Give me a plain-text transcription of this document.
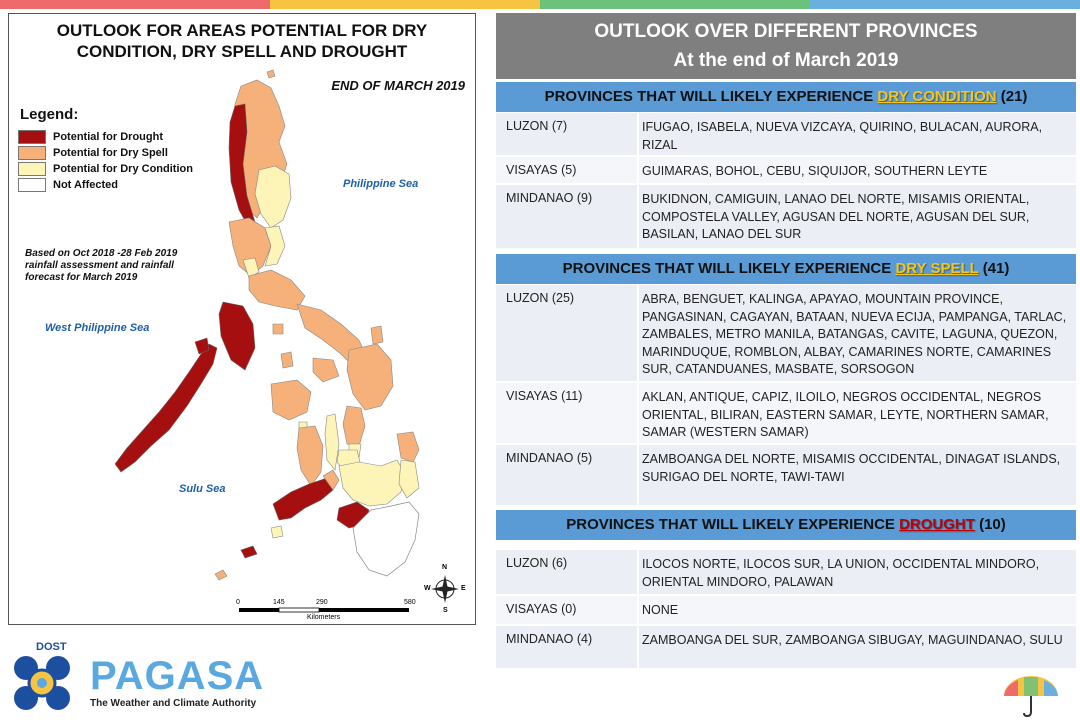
OUTLOOK FOR AREAS POTENTIAL FOR DRY
CONDITION, DRY SPELL AND DROUGHT
END OF MARCH 2019
Legend:
Potential for Drought
Potential for Dry Spell
Potential for Dry Condition
Not Affected
Based on Oct 2018 -28 Feb 2019 rainfall assessment and rainfall forecast for March 2019
Philippine Sea
West Philippine Sea
Sulu Sea
0	145	290	580
Kilometers
N
S
E
W
DOST
PAGASA
The Weather and Climate Authority
OUTLOOK OVER DIFFERENT PROVINCES
At the end of March 2019
PROVINCES THAT WILL LIKELY EXPERIENCE DRY CONDITION (21)
LUZON (7)	IFUGAO, ISABELA, NUEVA VIZCAYA, QUIRINO, BULACAN, AURORA, RIZAL
VISAYAS (5)	GUIMARAS, BOHOL, CEBU, SIQUIJOR, SOUTHERN LEYTE
MINDANAO (9)	BUKIDNON, CAMIGUIN, LANAO DEL NORTE, MISAMIS ORIENTAL, COMPOSTELA VALLEY, AGUSAN DEL NORTE, AGUSAN DEL SUR, BASILAN, LANAO DEL SUR
PROVINCES THAT WILL LIKELY EXPERIENCE DRY SPELL (41)
LUZON (25)	ABRA, BENGUET, KALINGA, APAYAO, MOUNTAIN PROVINCE, PANGASINAN, CAGAYAN, BATAAN, NUEVA ECIJA, PAMPANGA, TARLAC, ZAMBALES, METRO MANILA, BATANGAS, CAVITE, LAGUNA, QUEZON, MARINDUQUE, ROMBLON, ALBAY, CAMARINES NORTE, CAMARINES SUR, CATANDUANES, MASBATE, SORSOGON
VISAYAS (11)	AKLAN, ANTIQUE, CAPIZ, ILOILO, NEGROS OCCIDENTAL, NEGROS ORIENTAL, BILIRAN, EASTERN SAMAR, LEYTE, NORTHERN SAMAR, SAMAR (WESTERN SAMAR)
MINDANAO (5)	ZAMBOANGA DEL NORTE, MISAMIS OCCIDENTAL, DINAGAT ISLANDS, SURIGAO DEL NORTE, TAWI-TAWI
PROVINCES THAT WILL LIKELY EXPERIENCE DROUGHT (10)
LUZON (6)	ILOCOS NORTE, ILOCOS SUR, LA UNION, OCCIDENTAL MINDORO, ORIENTAL MINDORO, PALAWAN
VISAYAS (0)	NONE
MINDANAO (4)	ZAMBOANGA DEL SUR, ZAMBOANGA SIBUGAY, MAGUINDANAO, SULU
